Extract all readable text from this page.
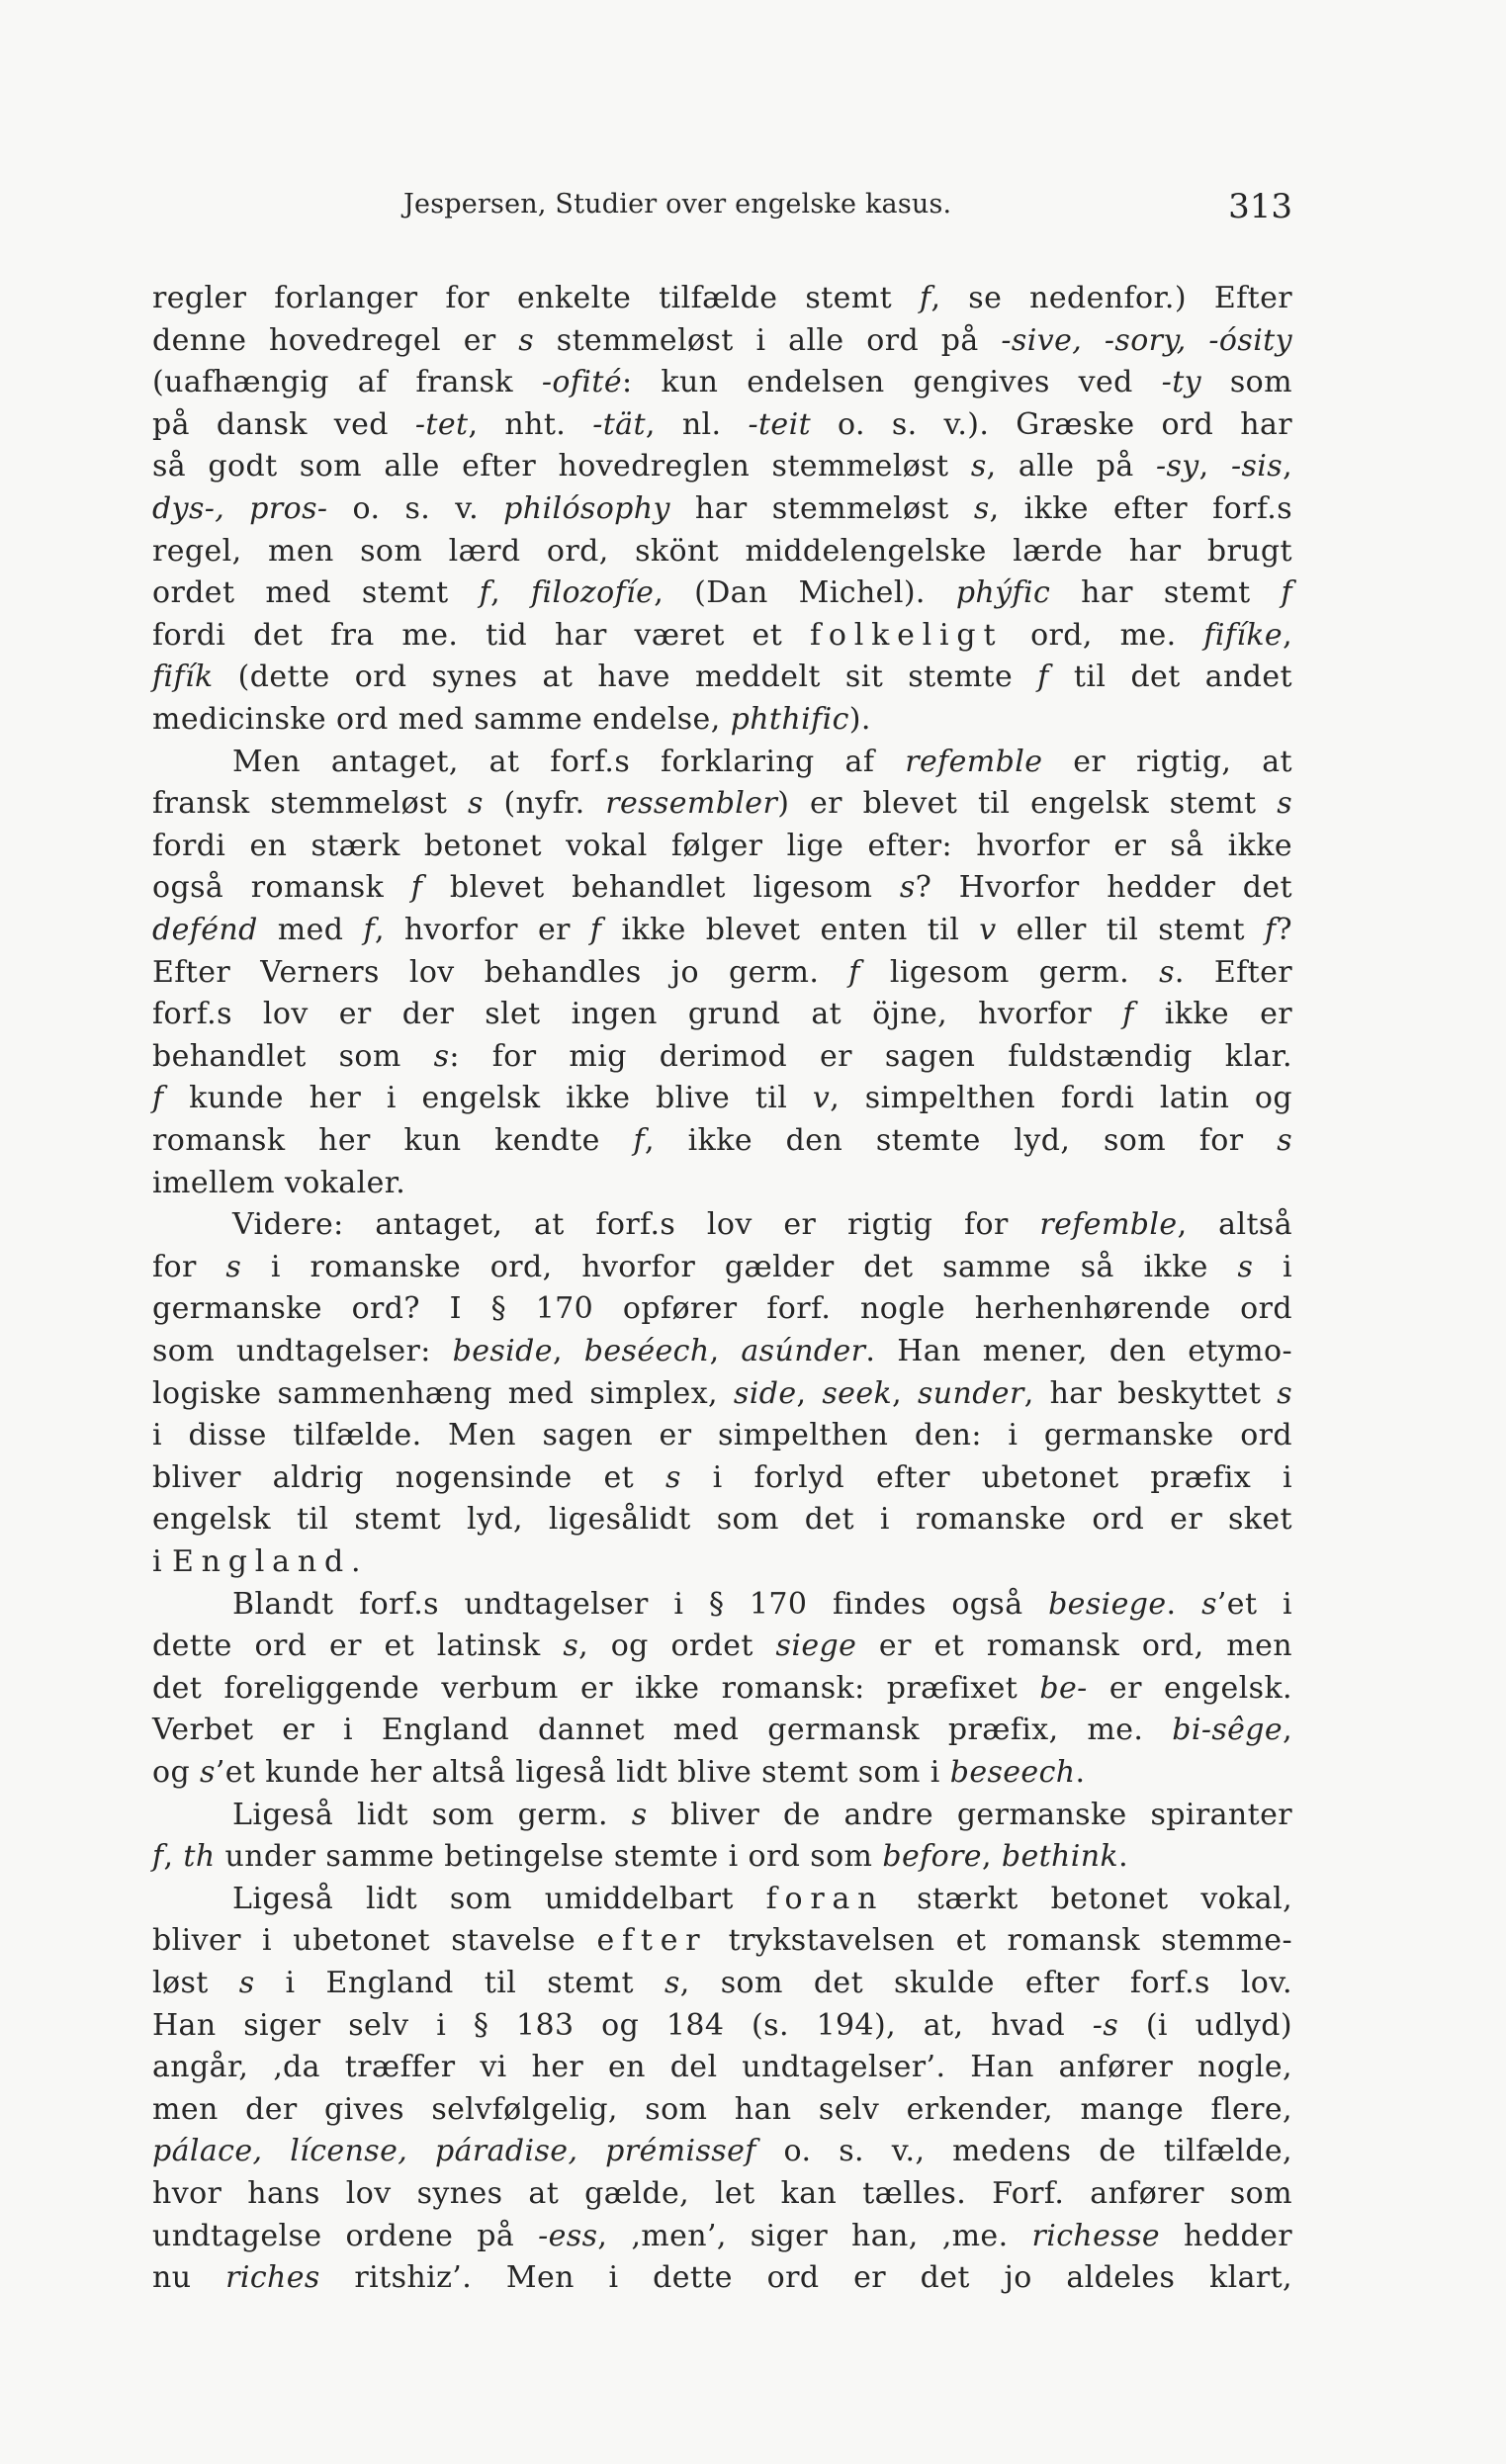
Jespersen, Studier over engelske kasus.	313
regler forlanger for enkelte tilfælde stemt f, se nedenfor.) Efter
denne hovedregel er s stemmeløst i alle ord på -sive, -sory, -ósity
(uafhængig af fransk -ofité: kun endelsen gengives ved -ty som
på dansk ved -tet, nht. -tät, nl. -teit o. s. v.). Græske ord har
så godt som alle efter hovedreglen stemmeløst s, alle på -sy, -sis,
dys-, pros- o. s. v. philósophy har stemmeløst s, ikke efter forf.s
regel, men som lærd ord, skönt middelengelske lærde har brugt
ordet med stemt f, filozofíe, (Dan Michel). phýfic har stemt f
fordi det fra me. tid har været et folkeligt ord, me. fifíke,
fifík (dette ord synes at have meddelt sit stemte f til det andet
medicinske ord med samme endelse, phthific).
Men antaget, at forf.s forklaring af refemble er rigtig, at
fransk stemmeløst s (nyfr. ressembler) er blevet til engelsk stemt s
fordi en stærk betonet vokal følger lige efter: hvorfor er så ikke
også romansk f blevet behandlet ligesom s? Hvorfor hedder det
defénd med f, hvorfor er f ikke blevet enten til v eller til stemt f?
Efter Verners lov behandles jo germ. f ligesom germ. s. Efter
forf.s lov er der slet ingen grund at öjne, hvorfor f ikke er
behandlet som s: for mig derimod er sagen fuldstændig klar.
f kunde her i engelsk ikke blive til v, simpelthen fordi latin og
romansk her kun kendte f, ikke den stemte lyd, som for s
imellem vokaler.
Videre: antaget, at forf.s lov er rigtig for refemble, altså
for s i romanske ord, hvorfor gælder det samme så ikke s i
germanske ord? I § 170 opfører forf. nogle herhenhørende ord
som undtagelser: beside, beséech, asúnder. Han mener, den etymo-
logiske sammenhæng med simplex, side, seek, sunder, har beskyttet s
i disse tilfælde. Men sagen er simpelthen den: i germanske ord
bliver aldrig nogensinde et s i forlyd efter ubetonet præfix i
engelsk til stemt lyd, ligesålidt som det i romanske ord er sket
i England.
Blandt forf.s undtagelser i § 170 findes også besiege. s’et i
dette ord er et latinsk s, og ordet siege er et romansk ord, men
det foreliggende verbum er ikke romansk: præfixet be- er engelsk.
Verbet er i England dannet med germansk præfix, me. bi-sêge,
og s’et kunde her altså ligeså lidt blive stemt som i beseech.
Ligeså lidt som germ. s bliver de andre germanske spiranter
f, th under samme betingelse stemte i ord som before, bethink.
Ligeså lidt som umiddelbart foran stærkt betonet vokal,
bliver i ubetonet stavelse efter trykstavelsen et romansk stemme-
løst s i England til stemt s, som det skulde efter forf.s lov.
Han siger selv i § 183 og 184 (s. 194), at, hvad -s (i udlyd)
angår, ‚da træffer vi her en del undtagelser’. Han anfører nogle,
men der gives selvfølgelig, som han selv erkender, mange flere,
pálace, lícense, páradise, prémissef o. s. v., medens de tilfælde,
hvor hans lov synes at gælde, let kan tælles. Forf. anfører som
undtagelse ordene på -ess, ‚men’, siger han, ‚me. richesse hedder
nu riches ritshiz’. Men i dette ord er det jo aldeles klart,
